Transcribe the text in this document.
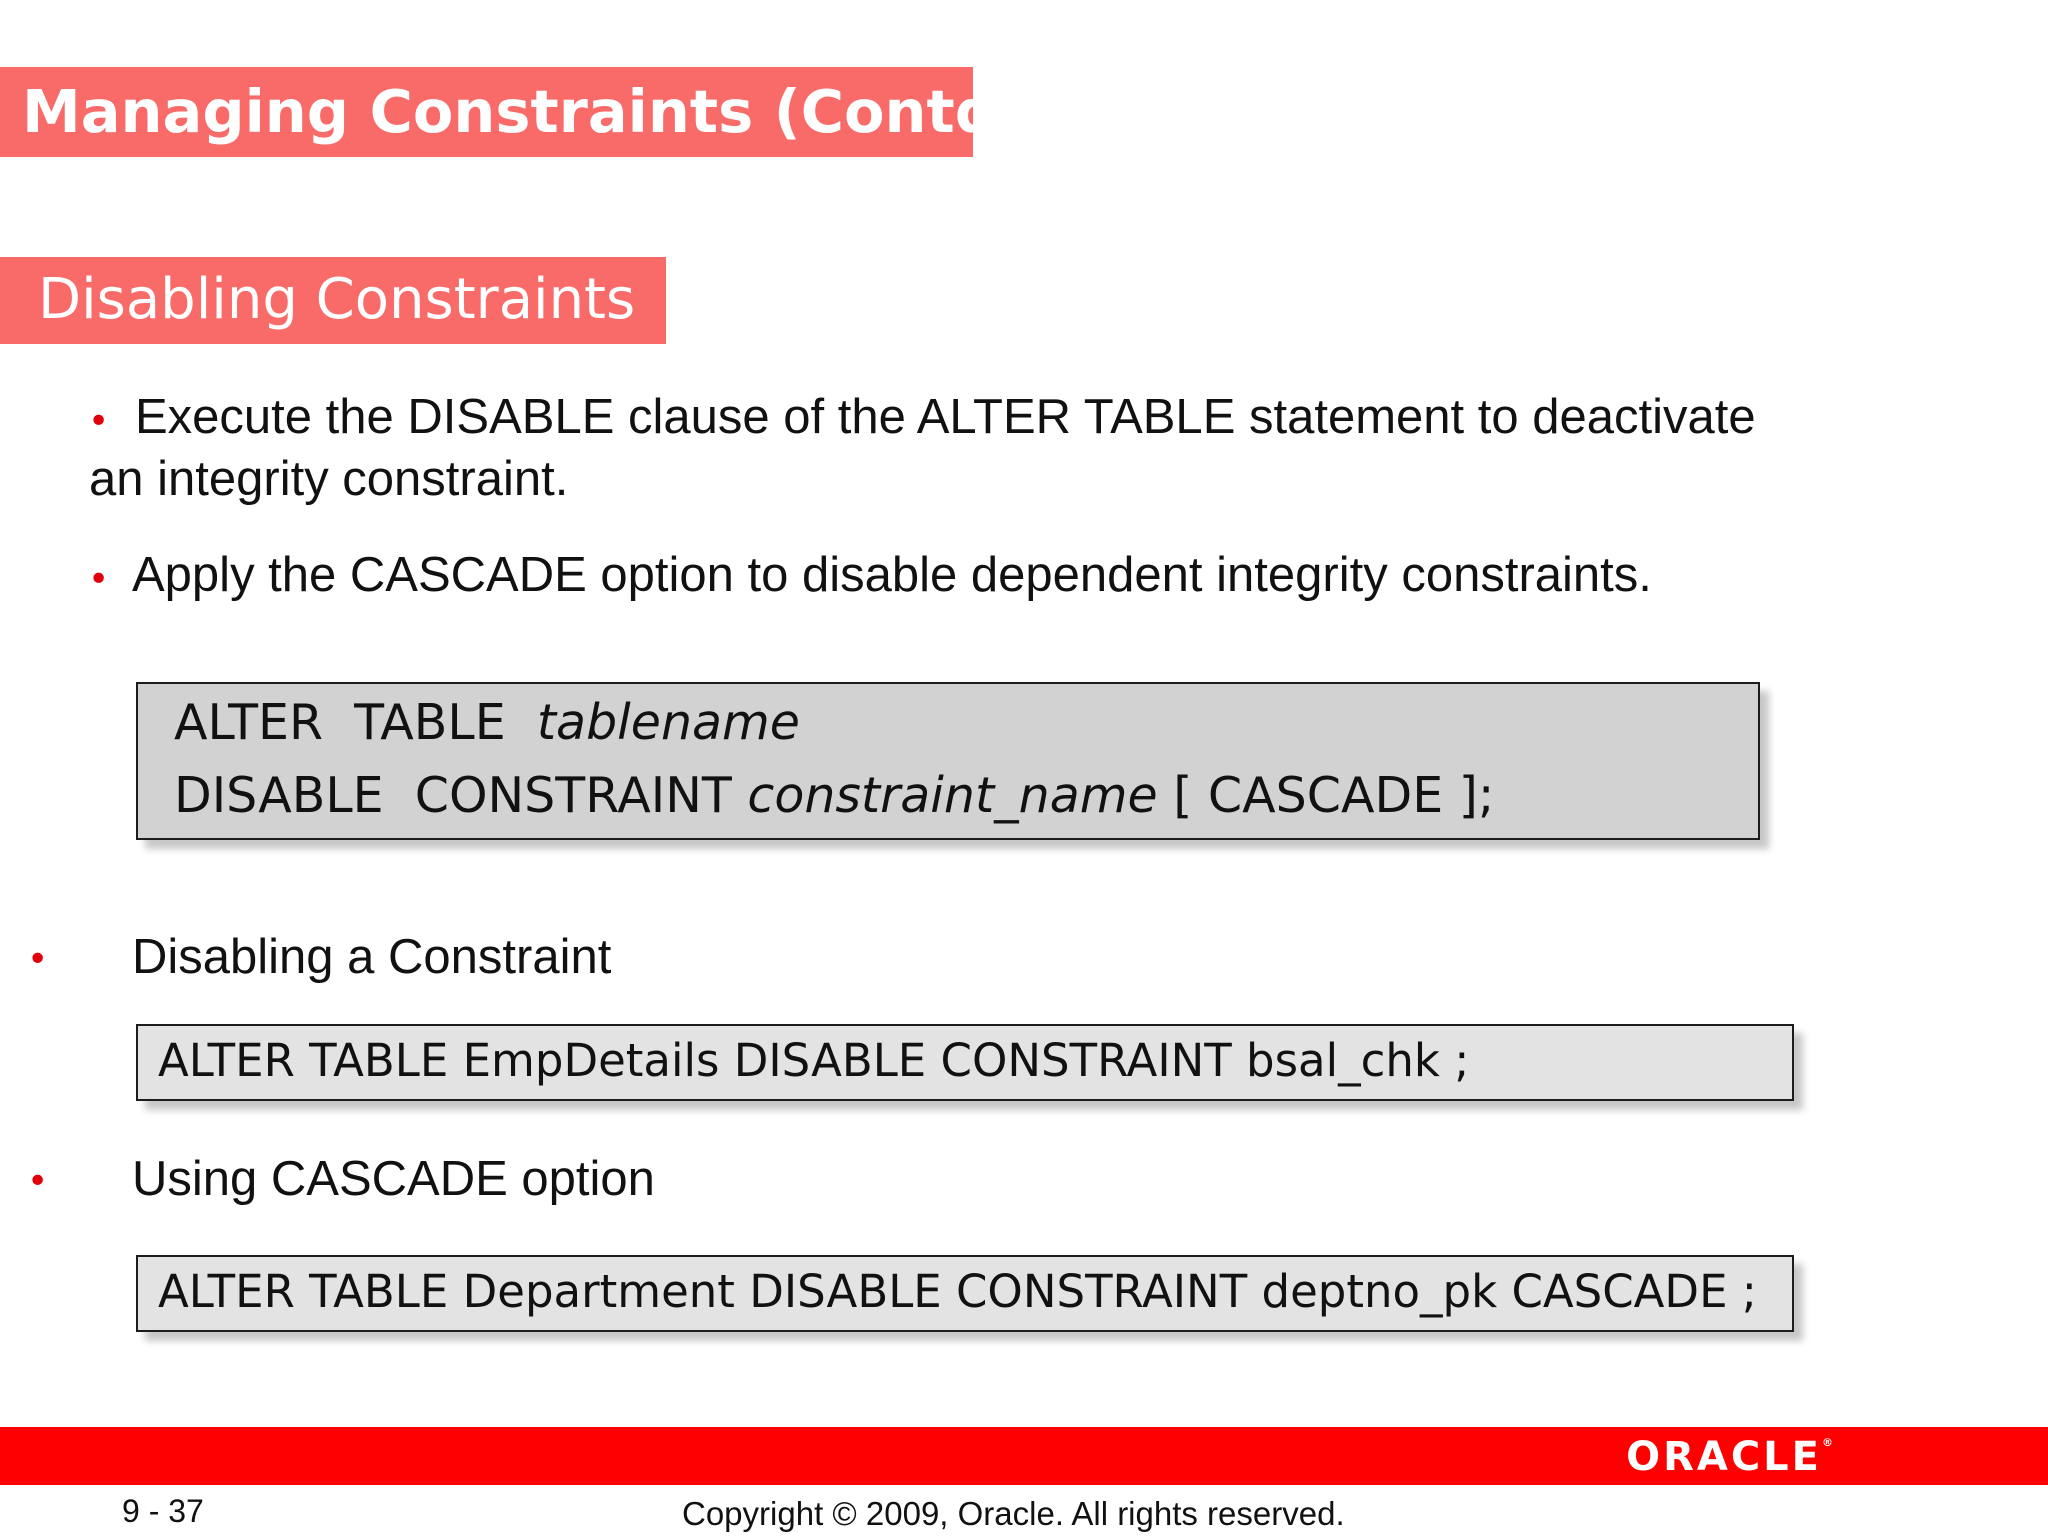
Managing Constraints (Contd.)
Disabling Constraints
• Execute the DISABLE clause of the ALTER TABLE statement to deactivate
an integrity constraint.
• Apply the CASCADE option to disable dependent integrity constraints.
ALTER  TABLE  tablename
DISABLE  CONSTRAINT constraint_name [ CASCADE ];
• Disabling a Constraint
ALTER TABLE EmpDetails DISABLE CONSTRAINT bsal_chk ;
• Using CASCADE option
ALTER TABLE Department DISABLE CONSTRAINT deptno_pk CASCADE ;
ORACLE®
9 - 37	Copyright © 2009, Oracle. All rights reserved.
